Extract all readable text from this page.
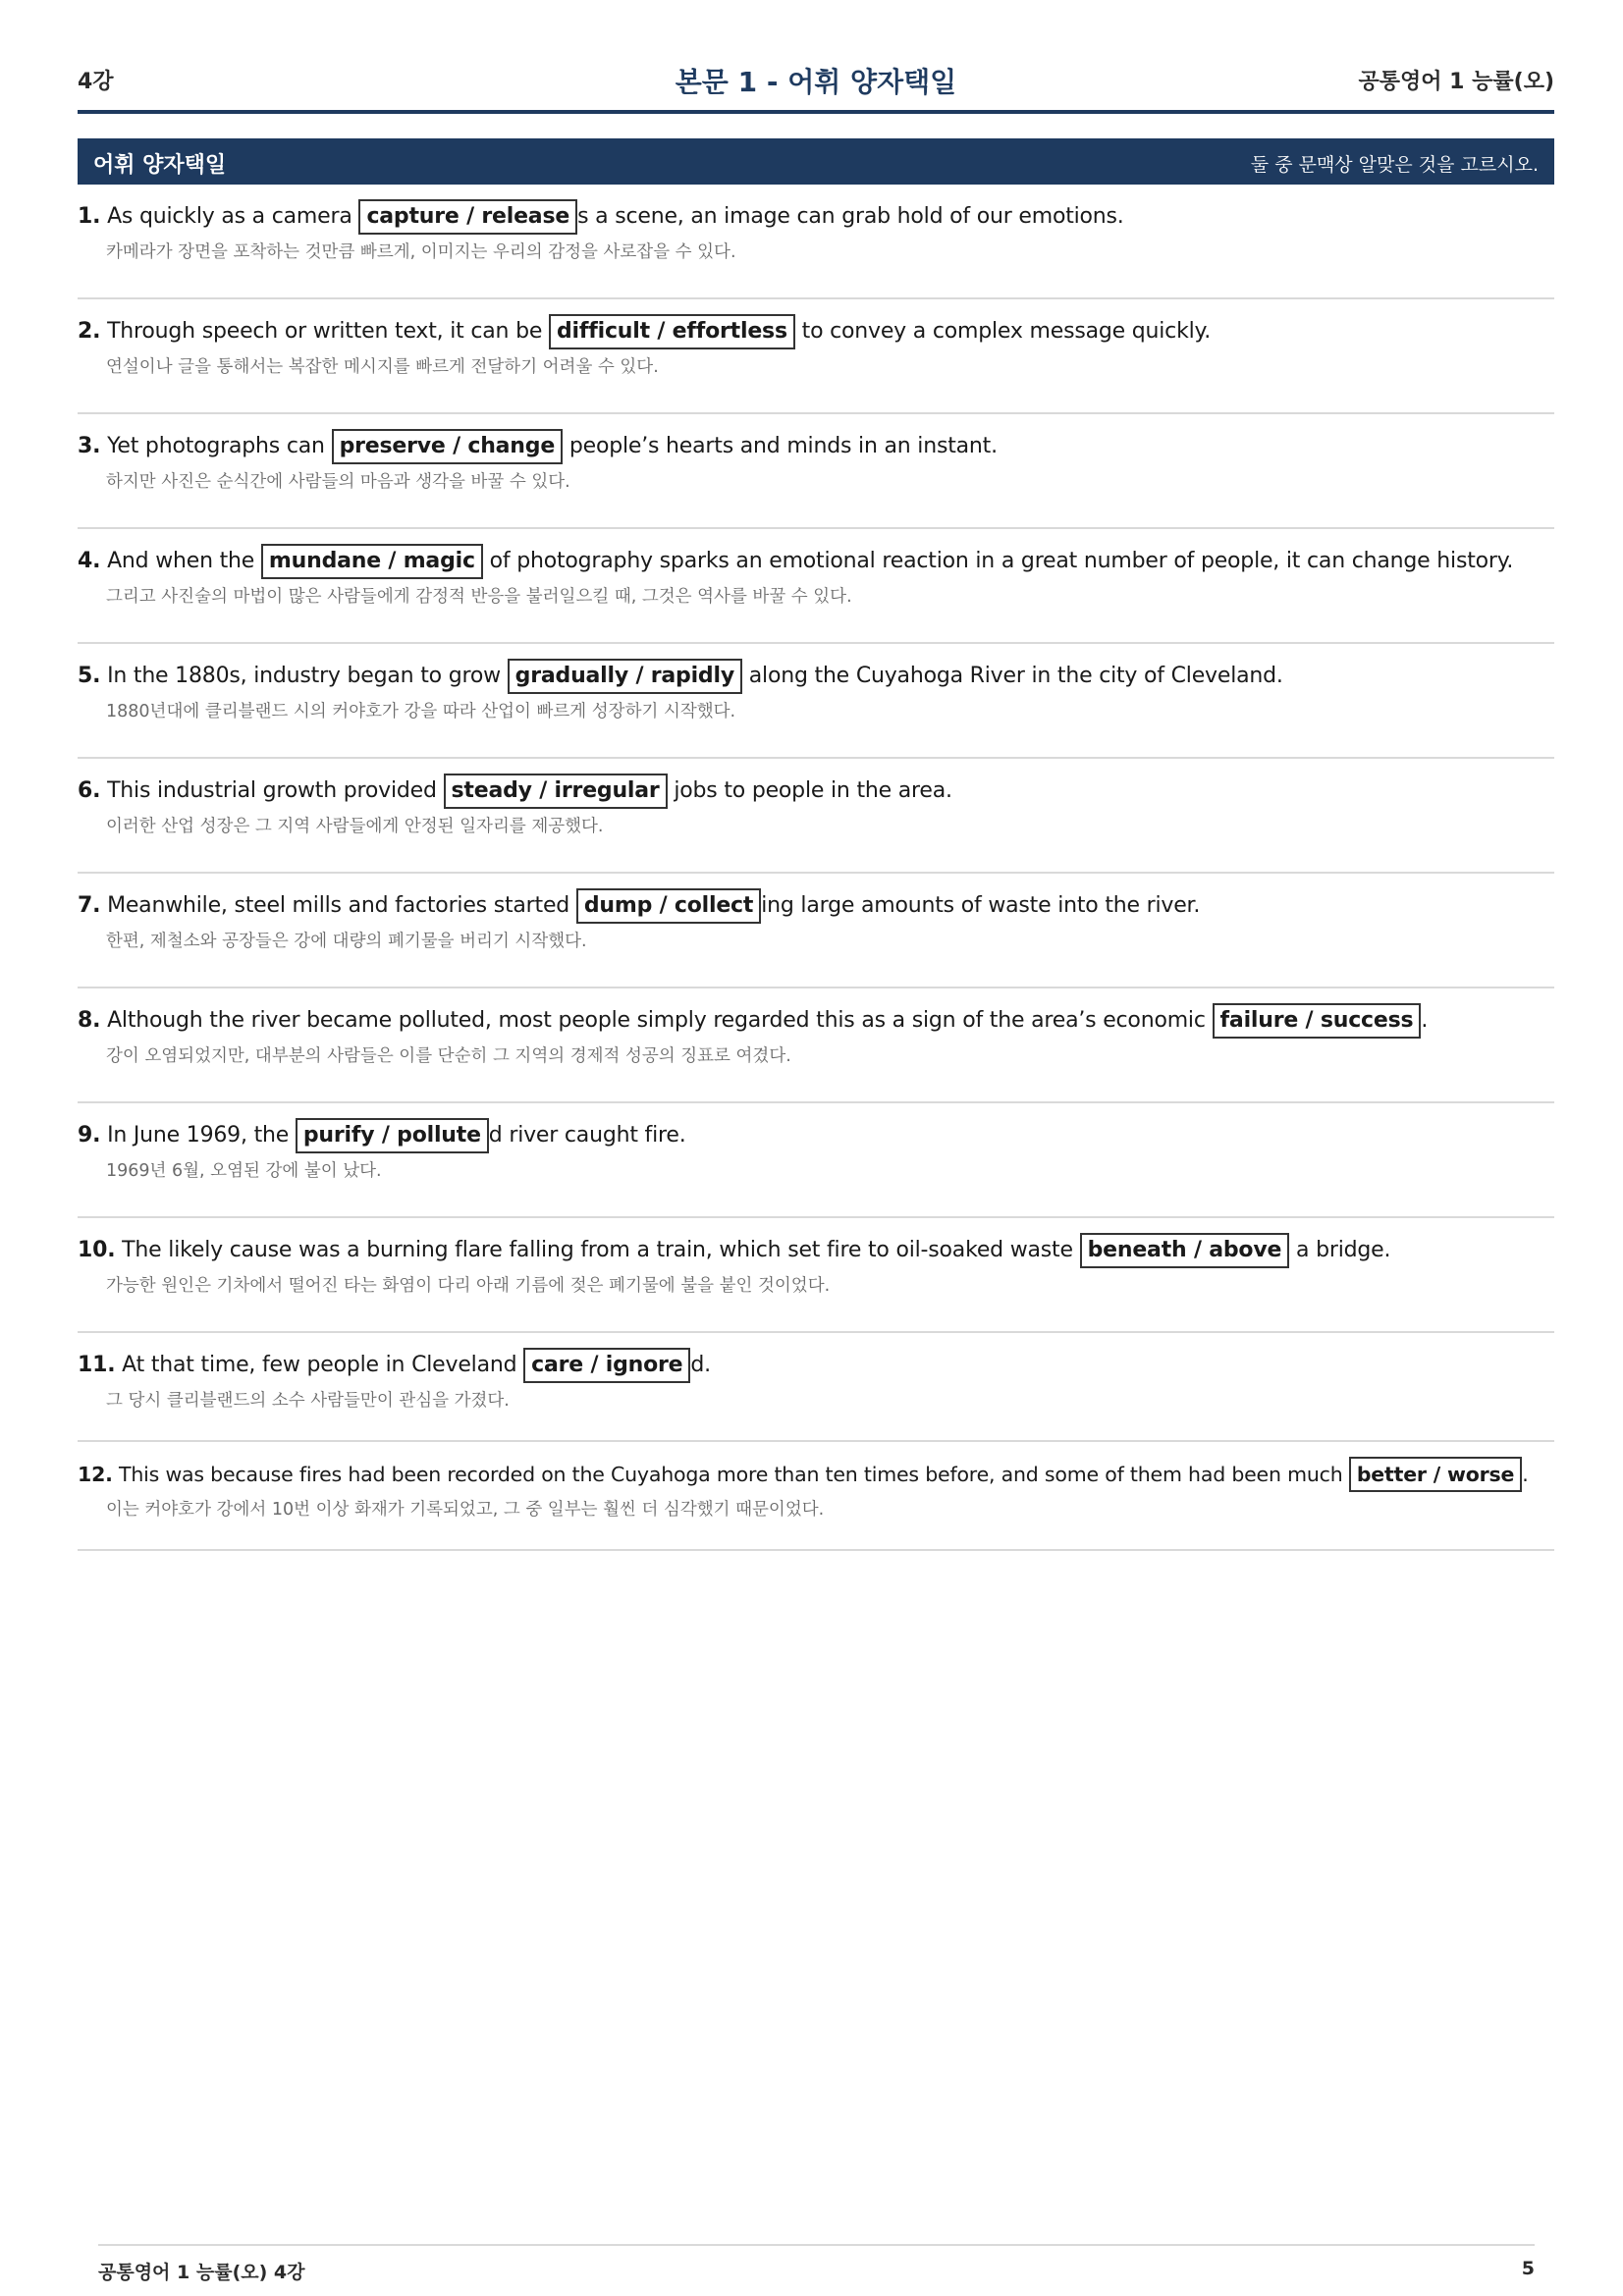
4강	본문 1 - 어휘 양자택일	공통영어 1 능률(오)
어휘 양자택일	둘 중 문맥상 알맞은 것을 고르시오.
1. As quickly as a camera capture / release s a scene, an image can grab hold of our emotions.
카메라가 장면을 포착하는 것만큼 빠르게, 이미지는 우리의 감정을 사로잡을 수 있다.
2. Through speech or written text, it can be difficult / effortless to convey a complex message quickly.
연설이나 글을 통해서는 복잡한 메시지를 빠르게 전달하기 어려울 수 있다.
3. Yet photographs can preserve / change people’s hearts and minds in an instant.
하지만 사진은 순식간에 사람들의 마음과 생각을 바꿀 수 있다.
4. And when the mundane / magic of photography sparks an emotional reaction in a great number of people, it can change history.
그리고 사진술의 마법이 많은 사람들에게 감정적 반응을 불러일으킬 때, 그것은 역사를 바꿀 수 있다.
5. In the 1880s, industry began to grow gradually / rapidly along the Cuyahoga River in the city of Cleveland.
1880년대에 클리블랜드 시의 커야호가 강을 따라 산업이 빠르게 성장하기 시작했다.
6. This industrial growth provided steady / irregular jobs to people in the area.
이러한 산업 성장은 그 지역 사람들에게 안정된 일자리를 제공했다.
7. Meanwhile, steel mills and factories started dump / collect ing large amounts of waste into the river.
한편, 제철소와 공장들은 강에 대량의 폐기물을 버리기 시작했다.
8. Although the river became polluted, most people simply regarded this as a sign of the area’s economic failure / success .
강이 오염되었지만, 대부분의 사람들은 이를 단순히 그 지역의 경제적 성공의 징표로 여겼다.
9. In June 1969, the purify / pollute d river caught fire.
1969년 6월, 오염된 강에 불이 났다.
10. The likely cause was a burning flare falling from a train, which set fire to oil-soaked waste beneath / above a bridge.
가능한 원인은 기차에서 떨어진 타는 화염이 다리 아래 기름에 젖은 폐기물에 불을 붙인 것이었다.
11. At that time, few people in Cleveland care / ignore d.
그 당시 클리블랜드의 소수 사람들만이 관심을 가졌다.
12. This was because fires had been recorded on the Cuyahoga more than ten times before, and some of them had been much better / worse .
이는 커야호가 강에서 10번 이상 화재가 기록되었고, 그 중 일부는 훨씬 더 심각했기 때문이었다.
공통영어 1 능률(오) 4강	5
